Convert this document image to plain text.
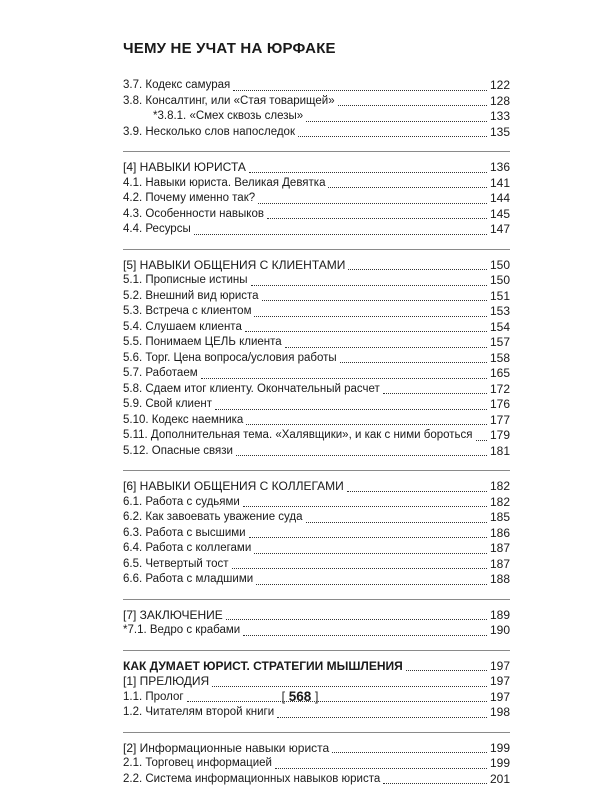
ЧЕМУ НЕ УЧАТ НА ЮРФАКЕ
3.7. Кодекс самурая	122
3.8. Консалтинг, или «Стая товарищей»	128
*3.8.1. «Смех сквозь слезы»	133
3.9. Несколько слов напоследок	135
[4] НАВЫКИ ЮРИСТА	136
4.1. Навыки юриста. Великая Девятка	141
4.2. Почему именно так?	144
4.3. Особенности навыков	145
4.4. Ресурсы	147
[5] НАВЫКИ ОБЩЕНИЯ С КЛИЕНТАМИ	150
5.1. Прописные истины	150
5.2. Внешний вид юриста	151
5.3. Встреча с клиентом	153
5.4. Слушаем клиента	154
5.5. Понимаем ЦЕЛЬ клиента	157
5.6. Торг. Цена вопроса/условия работы	158
5.7. Работаем	165
5.8. Сдаем итог клиенту. Окончательный расчет	172
5.9. Свой клиент	176
5.10. Кодекс наемника	177
5.11. Дополнительная тема. «Халявщики», и как с ними бороться 179
5.12. Опасные связи	181
[6] НАВЫКИ ОБЩЕНИЯ С КОЛЛЕГАМИ	182
6.1. Работа с судьями	182
6.2. Как завоевать уважение суда	185
6.3. Работа с высшими	186
6.4. Работа с коллегами	187
6.5. Четвертый тост	187
6.6. Работа с младшими	188
[7] ЗАКЛЮЧЕНИЕ	189
*7.1. Ведро с крабами	190
КАК ДУМАЕТ ЮРИСТ. СТРАТЕГИИ МЫШЛЕНИЯ	197
[1] ПРЕЛЮДИЯ	197
1.1. Пролог	197
1.2. Читателям второй книги	198
[2] Информационные навыки юриста	199
2.1. Торговец информацией	199
2.2. Система информационных навыков юриста	201
[ 568 ]
